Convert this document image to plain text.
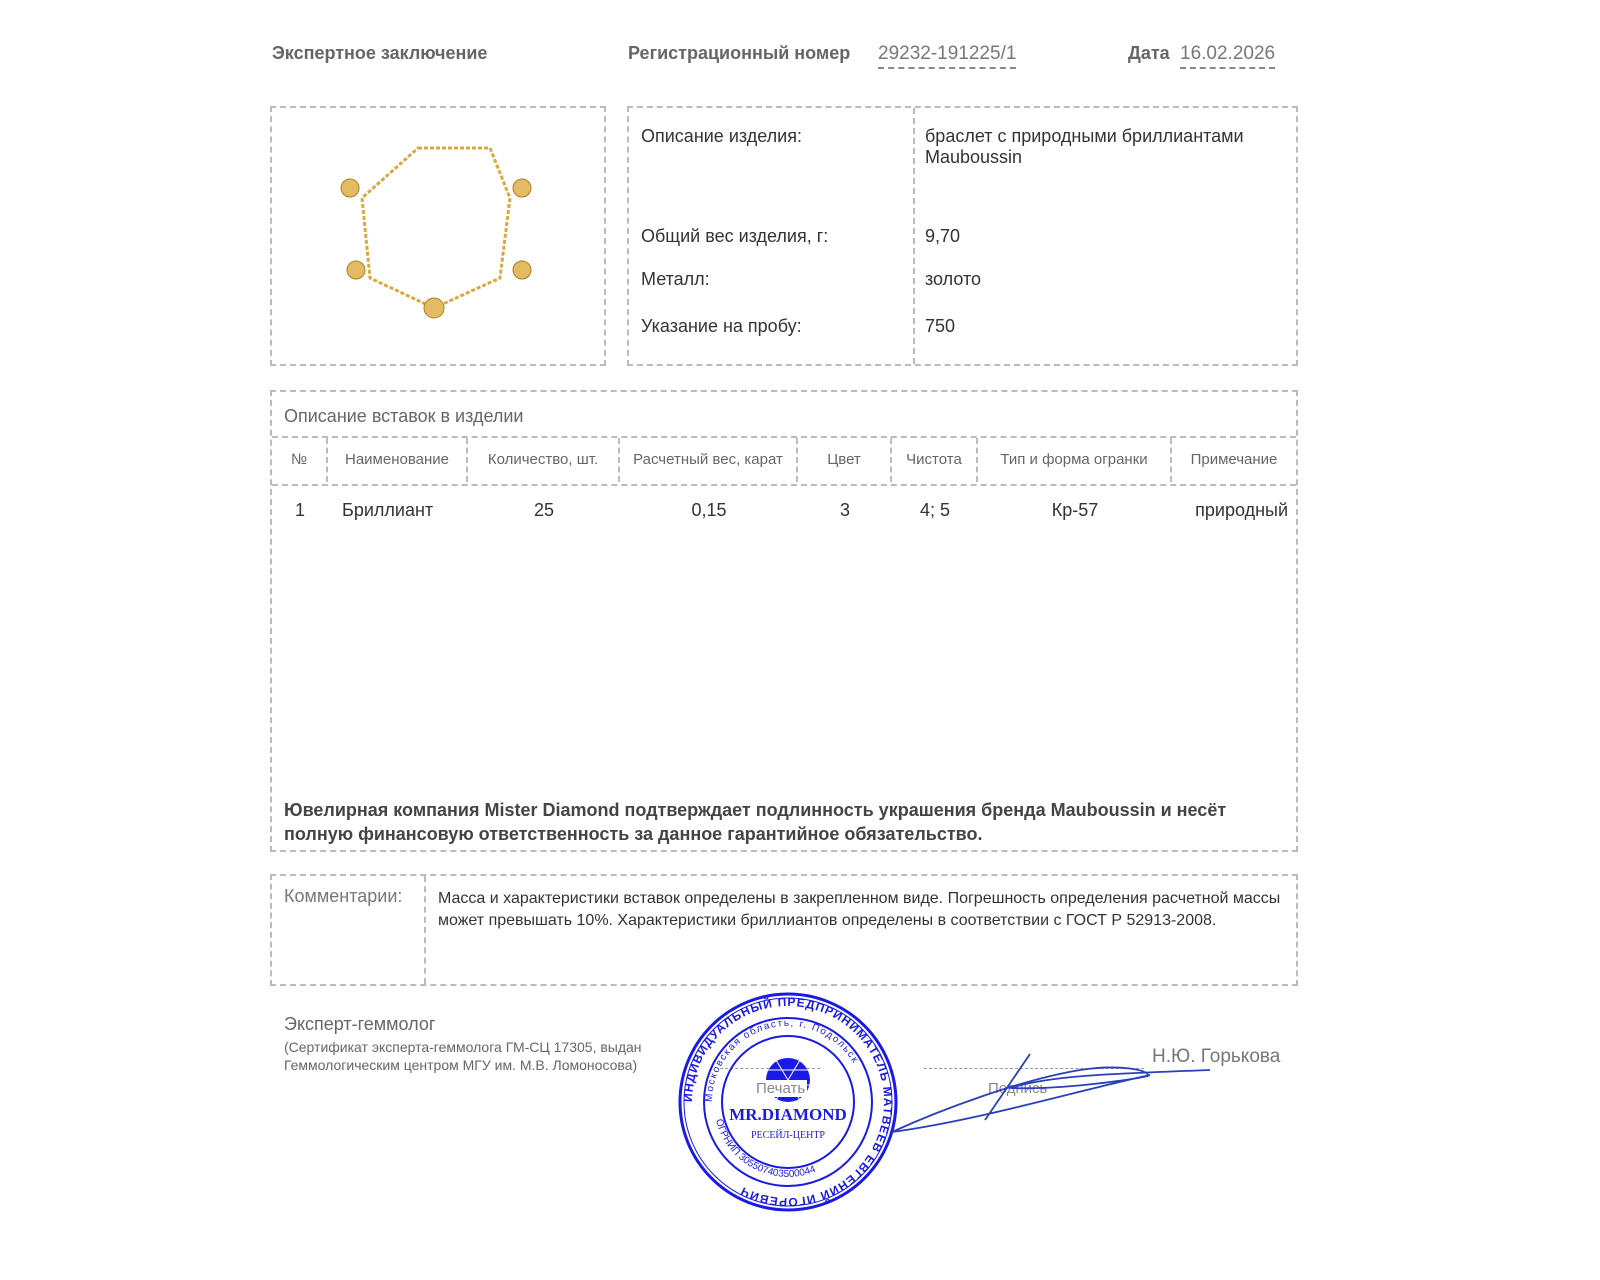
Экспертное заключение	Регистрационный номер 29232-191225/1	Дата 16.02.2026
Описание изделия:	браслет с природными бриллиантами Mauboussin
Общий вес изделия, г:	9,70
Металл:	золото
Указание на пробу:	750
Описание вставок в изделии
№	Наименование	Количество, шт.	Расчетный вес, карат	Цвет	Чистота	Тип и форма огранки	Примечание
1	Бриллиант	25	0,15	3	4; 5	Кр-57	природный
Ювелирная компания Mister Diamond подтверждает подлинность украшения бренда Mauboussin и несёт полную финансовую ответственность за данное гарантийное обязательство.
Комментарии: Масса и характеристики вставок определены в закрепленном виде. Погрешность определения расчетной массы может превышать 10%. Характеристики бриллиантов определены в соответствии с ГОСТ Р 52913-2008.
Эксперт-геммолог
(Сертификат эксперта-геммолога ГМ-СЦ 17305, выдан Геммологическим центром МГУ им. М.В. Ломоносова)
Подпись
Н.Ю. Горькова
ИНДИВИДУАЛЬНЫЙ ПРЕДПРИНИМАТЕЛЬ МАТВЕЕВ ЕВГЕНИЙ ИГОРЕВИЧ
Московская область, г. Подольск
ОГРНИП 305507403500044
MR.DIAMOND
РЕСЕЙЛ-ЦЕНТР
Печать
